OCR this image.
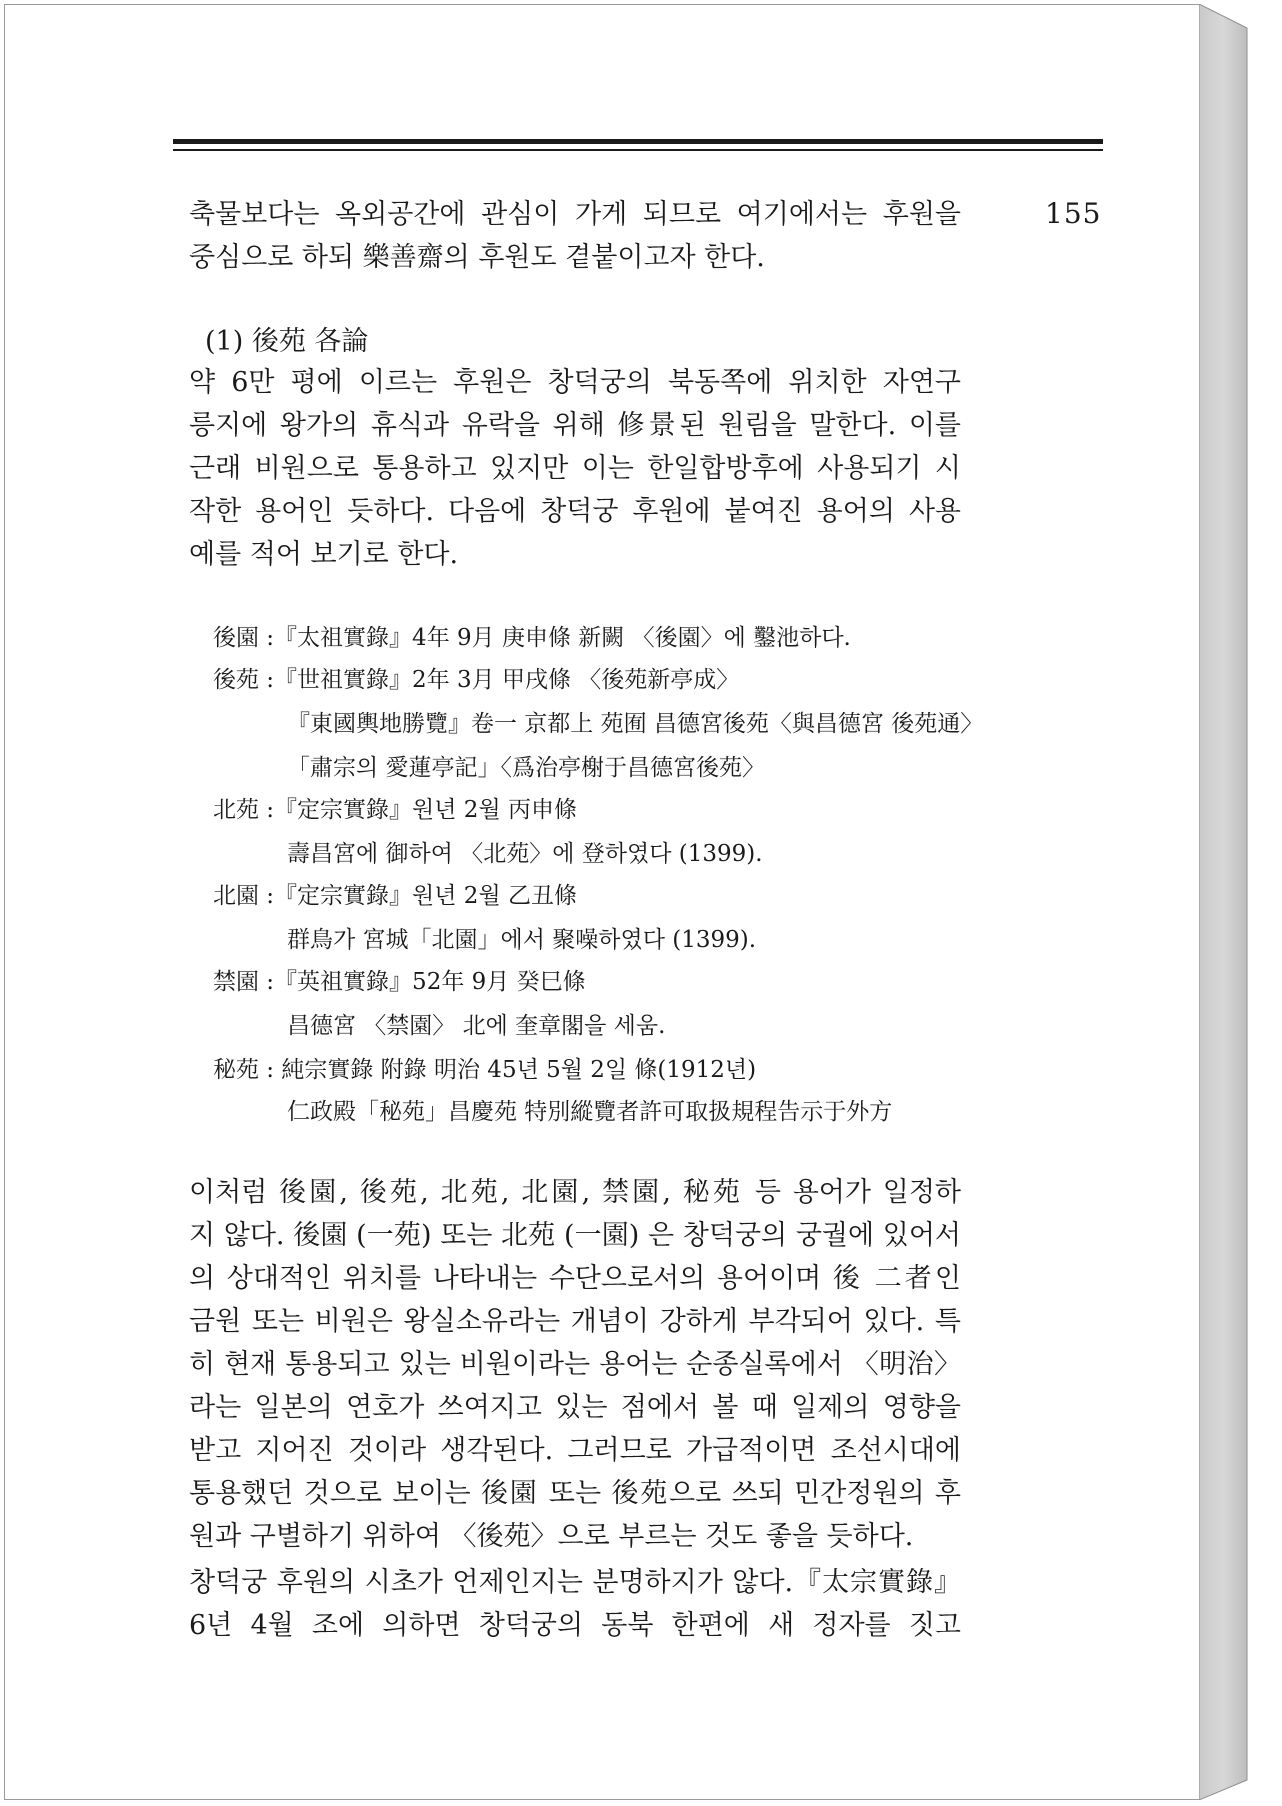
155

축물보다는 옥외공간에 관심이 가게 되므로 여기에서는 후원을
중심으로 하되 樂善齋의 후원도 곁붙이고자 한다.

(1) 後苑 各論

약 6만 평에 이르는 후원은 창덕궁의 북동쪽에 위치한 자연구
릉지에 왕가의 휴식과 유락을 위해 修景된 원림을 말한다. 이를
근래 비원으로 통용하고 있지만 이는 한일합방후에 사용되기 시
작한 용어인 듯하다. 다음에 창덕궁 후원에 붙여진 용어의 사용
예를 적어 보기로 한다.

後園 :『太祖實錄』4年 9月 庚申條 新闕 〈後園〉에 鑿池하다.
後苑 :『世祖實錄』2年 3月 甲戌條 〈後苑新亭成〉
『東國輿地勝覽』卷一 京都上 苑囿 昌德宮後苑〈與昌德宮 後苑通〉
「肅宗의 愛蓮亭記」〈爲治亭榭于昌德宮後苑〉
北苑 :『定宗實錄』원년 2월 丙申條
壽昌宮에 御하여 〈北苑〉에 登하였다 (1399).
北園 :『定宗實錄』원년 2월 乙丑條
群鳥가 宮城「北園」에서 聚噪하였다 (1399).
禁園 :『英祖實錄』52年 9月 癸巳條
昌德宮 〈禁園〉 北에 奎章閣을 세움.
秘苑 : 純宗實錄 附錄 明治 45년 5월 2일 條(1912년)
仁政殿「秘苑」昌慶苑 特別縱覽者許可取扱規程告示于外方

이처럼 後園, 後苑, 北苑, 北園, 禁園, 秘苑 등 용어가 일정하
지 않다. 後園 (一苑) 또는 北苑 (一園) 은 창덕궁의 궁궐에 있어서
의 상대적인 위치를 나타내는 수단으로서의 용어이며 後 二者인
금원 또는 비원은 왕실소유라는 개념이 강하게 부각되어 있다. 특
히 현재 통용되고 있는 비원이라는 용어는 순종실록에서 〈明治〉
라는 일본의 연호가 쓰여지고 있는 점에서 볼 때 일제의 영향을
받고 지어진 것이라 생각된다. 그러므로 가급적이면 조선시대에
통용했던 것으로 보이는 後園 또는 後苑으로 쓰되 민간정원의 후
원과 구별하기 위하여 〈後苑〉으로 부르는 것도 좋을 듯하다.

창덕궁 후원의 시초가 언제인지는 분명하지가 않다.『太宗實錄』
6년 4월 조에 의하면 창덕궁의 동북 한편에 새 정자를 짓고
